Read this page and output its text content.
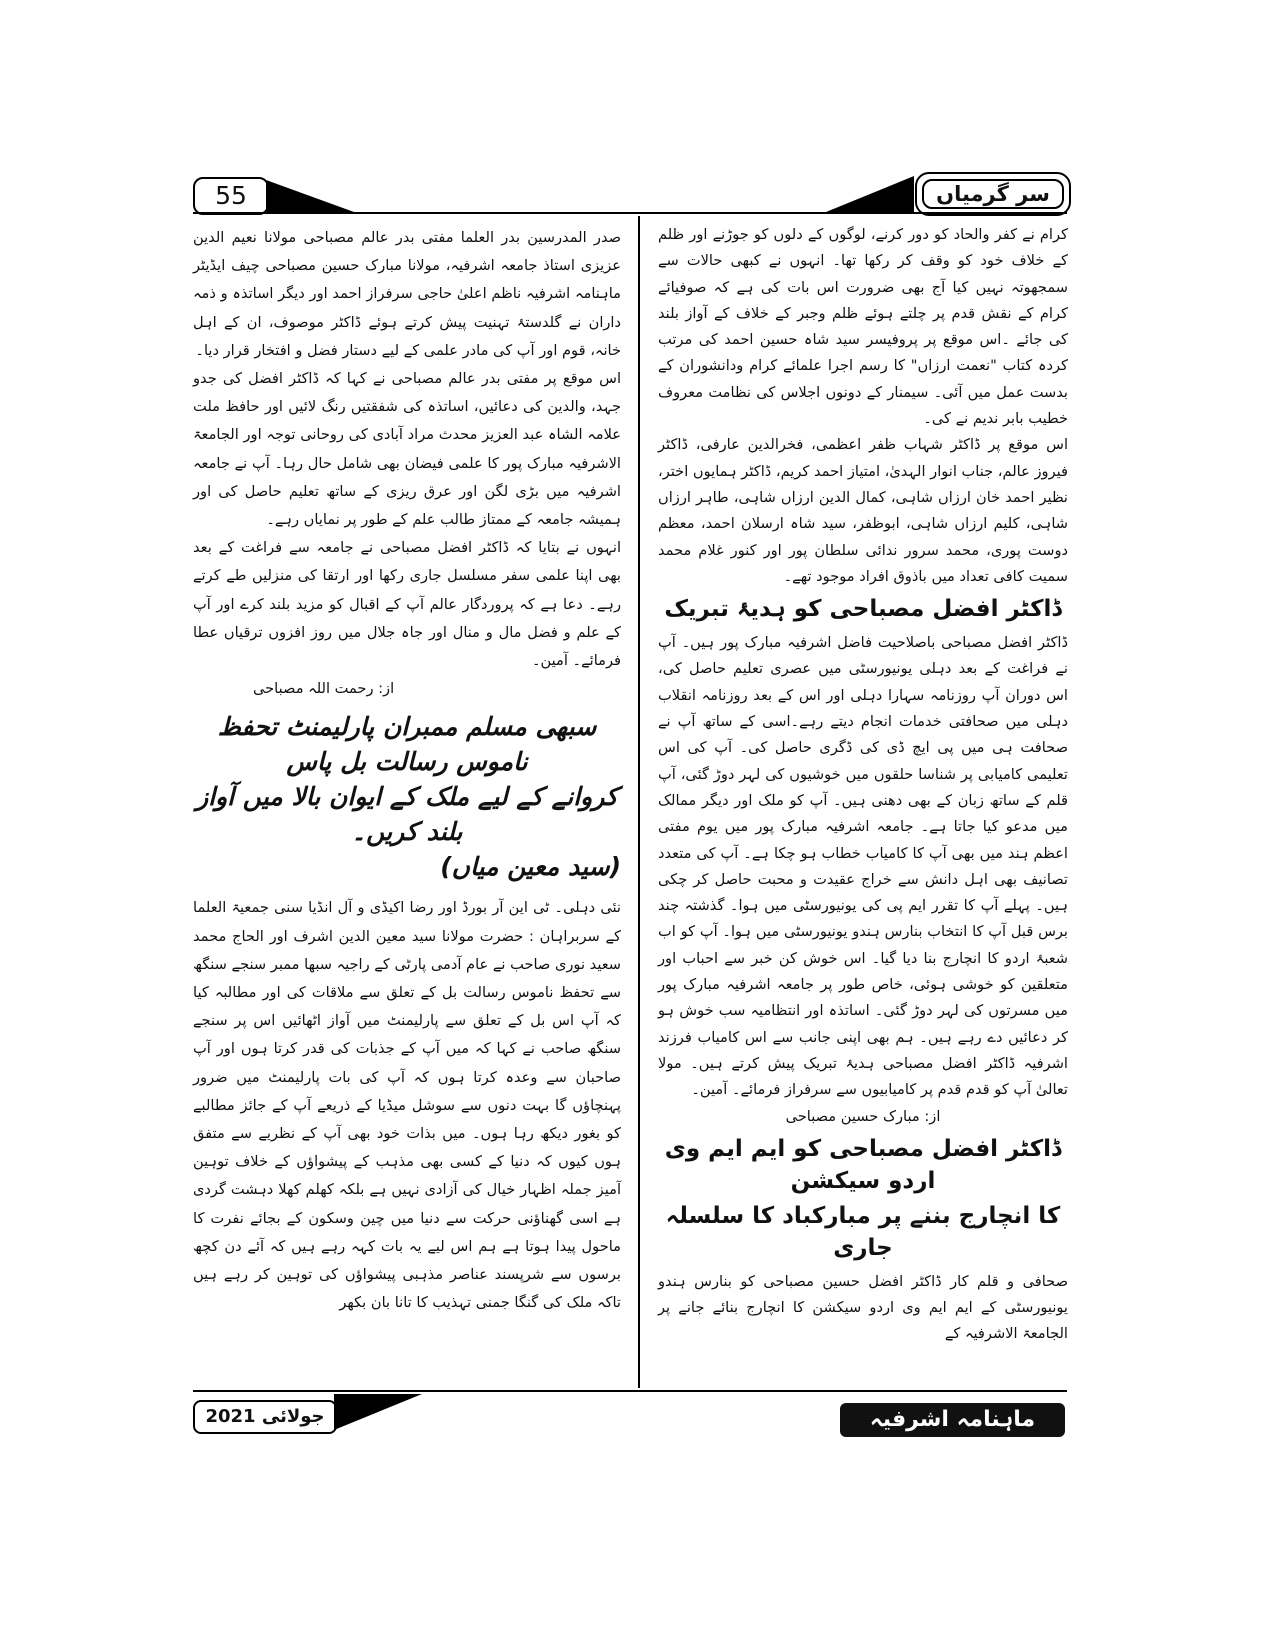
55	سر گرمیاں

کرام نے کفر والحاد کو دور کرنے، لوگوں کے دلوں کو جوڑنے اور ظلم کے خلاف خود کو وقف کر رکھا تھا۔ انہوں نے کبھی حالات سے سمجھوتہ نہیں کیا آج بھی ضرورت اس بات کی ہے کہ صوفیائے کرام کے نقش قدم پر چلتے ہوئے ظلم وجبر کے خلاف کے آواز بلند کی جائے ۔اس موقع پر پروفیسر سید شاہ حسین احمد کی مرتب کردہ کتاب "نعمت ارزاں" کا رسم اجرا علمائے کرام ودانشوران کے بدست عمل میں آئی۔ سیمنار کے دونوں اجلاس کی نظامت معروف خطیب بابر ندیم نے کی۔

اس موقع پر ڈاکٹر شہاب ظفر اعظمی، فخرالدین عارفی، ڈاکٹر فیروز عالم، جناب انوار الہدیٰ، امتیاز احمد کریم، ڈاکٹر ہمایوں اختر، نظیر احمد خان ارزاں شاہی، کمال الدین ارزاں شاہی، طاہر ارزاں شاہی، کلیم ارزاں شاہی، ابوظفر، سید شاہ ارسلان احمد، معظم دوست پوری، محمد سرور ندائی سلطان پور اور کنور غلام محمد سمیت کافی تعداد میں باذوق افراد موجود تھے۔

ڈاکٹر افضل مصباحی کو ہدیۂ تبریک

ڈاکٹر افضل مصباحی باصلاحیت فاضل اشرفیہ مبارک پور ہیں۔ آپ نے فراغت کے بعد دہلی یونیورسٹی میں عصری تعلیم حاصل کی، اس دوران آپ روزنامہ سہارا دہلی اور اس کے بعد روزنامہ انقلاب دہلی میں صحافتی خدمات انجام دیتے رہے۔اسی کے ساتھ آپ نے صحافت ہی میں پی ایچ ڈی کی ڈگری حاصل کی۔ آپ کی اس تعلیمی کامیابی پر شناسا حلقوں میں خوشیوں کی لہر دوڑ گئی، آپ قلم کے ساتھ زبان کے بھی دھنی ہیں۔ آپ کو ملک اور دیگر ممالک میں مدعو کیا جاتا ہے۔ جامعہ اشرفیہ مبارک پور میں یوم مفتی اعظم ہند میں بھی آپ کا کامیاب خطاب ہو چکا ہے۔ آپ کی متعدد تصانیف بھی اہل دانش سے خراج عقیدت و محبت حاصل کر چکی ہیں۔ پہلے آپ کا تقرر ایم پی کی یونیورسٹی میں ہوا۔ گذشتہ چند برس قبل آپ کا انتخاب بنارس ہندو یونیورسٹی میں ہوا۔ آپ کو اب شعبۂ اردو کا انچارج بنا دیا گیا۔ اس خوش کن خبر سے احباب اور متعلقین کو خوشی ہوئی، خاص طور پر جامعہ اشرفیہ مبارک پور میں مسرتوں کی لہر دوڑ گئی۔ اساتذہ اور انتظامیہ سب خوش ہو کر دعائیں دے رہے ہیں۔ ہم بھی اپنی جانب سے اس کامیاب فرزند اشرفیہ ڈاکٹر افضل مصباحی ہدیۂ تبریک پیش کرتے ہیں۔ مولا تعالیٰ آپ کو قدم قدم پر کامیابیوں سے سرفراز فرمائے۔ آمین۔

از: مبارک حسین مصباحی

ڈاکٹر افضل مصباحی کو ایم ایم وی اردو سیکشن
کا انچارج بننے پر مبارکباد کا سلسلہ جاری

صحافی و قلم کار ڈاکٹر افضل حسین مصباحی کو بنارس ہندو یونیورسٹی کے ایم ایم وی اردو سیکشن کا انچارج بنائے جانے پر الجامعۃ الاشرفیہ کے

صدر المدرسین بدر العلما مفتی بدر عالم مصباحی مولانا نعیم الدین عزیزی استاذ جامعہ اشرفیہ، مولانا مبارک حسین مصباحی چیف ایڈیٹر ماہنامہ اشرفیہ ناظم اعلیٰ حاجی سرفراز احمد اور دیگر اساتذہ و ذمہ داران نے گلدستۂ تہنیت پیش کرتے ہوئے ڈاکٹر موصوف، ان کے اہل خانہ، قوم اور آپ کی مادر علمی کے لیے دستار فضل و افتخار قرار دیا۔

اس موقع پر مفتی بدر عالم مصباحی نے کہا کہ ڈاکٹر افضل کی جدو جہد، والدین کی دعائیں، اساتذہ کی شفقتیں رنگ لائیں اور حافظ ملت علامہ الشاہ عبد العزیز محدث مراد آبادی کی روحانی توجہ اور الجامعۃ الاشرفیہ مبارک پور کا علمی فیضان بھی شامل حال رہا۔ آپ نے جامعہ اشرفیہ میں بڑی لگن اور عرق ریزی کے ساتھ تعلیم حاصل کی اور ہمیشہ جامعہ کے ممتاز طالب علم کے طور پر نمایاں رہے۔

انہوں نے بتایا کہ ڈاکٹر افضل مصباحی نے جامعہ سے فراغت کے بعد بھی اپنا علمی سفر مسلسل جاری رکھا اور ارتقا کی منزلیں طے کرتے رہے۔ دعا ہے کہ پروردگار عالم آپ کے اقبال کو مزید بلند کرے اور آپ کے علم و فضل مال و منال اور جاہ جلال میں روز افزوں ترقیاں عطا فرمائے۔ آمین۔

از: رحمت اللہ مصباحی

سبھی مسلم ممبران پارلیمنٹ تحفظ ناموس رسالت بل پاس
کروانے کے لیے ملک کے ایوان بالا میں آواز بلند کریں۔
(سید معین میاں)

نئی دہلی۔ ٹی این آر بورڈ اور رضا اکیڈی و آل انڈیا سنی جمعیۃ العلما کے سربراہان : حضرت مولانا سید معین الدین اشرف اور الحاج محمد سعید نوری صاحب نے عام آدمی پارٹی کے راجیہ سبھا ممبر سنجے سنگھ سے تحفظ ناموس رسالت بل کے تعلق سے ملاقات کی اور مطالبہ کیا کہ آپ اس بل کے تعلق سے پارلیمنٹ میں آواز اٹھائیں اس پر سنجے سنگھ صاحب نے کہا کہ میں آپ کے جذبات کی قدر کرتا ہوں اور آپ صاحبان سے وعدہ کرتا ہوں کہ آپ کی بات پارلیمنٹ میں ضرور پہنچاؤں گا بہت دنوں سے سوشل میڈیا کے ذریعے آپ کے جائز مطالبے کو بغور دیکھ رہا ہوں۔ میں بذات خود بھی آپ کے نظریے سے متفق ہوں کیوں کہ دنیا کے کسی بھی مذہب کے پیشواؤں کے خلاف توہین آمیز جملہ اظہار خیال کی آزادی نہیں ہے بلکہ کھلم کھلا دہشت گردی ہے اسی گھناؤنی حرکت سے دنیا میں چین وسکون کے بجائے نفرت کا ماحول پیدا ہوتا ہے ہم اس لیے یہ بات کہہ رہے ہیں کہ آئے دن کچھ برسوں سے شرپسند عناصر مذہبی پیشواؤں کی توہین کر رہے ہیں تاکہ ملک کی گنگا جمنی تہذیب کا تانا بان بکھر

جولائی 2021	ماہنامہ اشرفیہ
